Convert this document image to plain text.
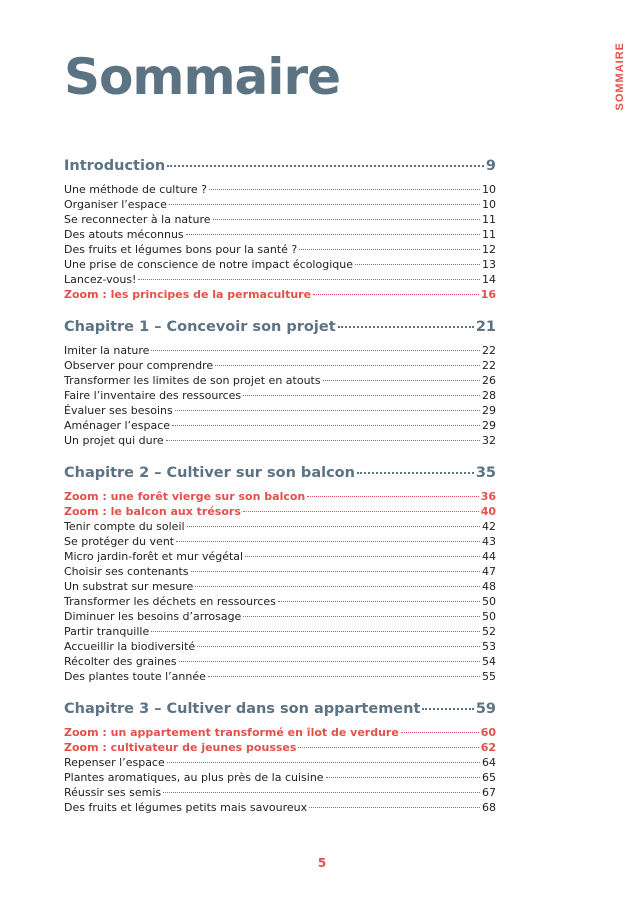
SOMMAIRE
Sommaire
Introduction	9
Une méthode de culture ?	10
Organiser l’espace	10
Se reconnecter à la nature	11
Des atouts méconnus	11
Des fruits et légumes bons pour la santé ?	12
Une prise de conscience de notre impact écologique	13
Lancez-vous!	14
Zoom : les principes de la permaculture	16
Chapitre 1 – Concevoir son projet	21
Imiter la nature	22
Observer pour comprendre	22
Transformer les limites de son projet en atouts	26
Faire l’inventaire des ressources	28
Évaluer ses besoins	29
Aménager l’espace	29
Un projet qui dure	32
Chapitre 2 – Cultiver sur son balcon	35
Zoom : une forêt vierge sur son balcon	36
Zoom : le balcon aux trésors	40
Tenir compte du soleil	42
Se protéger du vent	43
Micro jardin-forêt et mur végétal	44
Choisir ses contenants	47
Un substrat sur mesure	48
Transformer les déchets en ressources	50
Diminuer les besoins d’arrosage	50
Partir tranquille	52
Accueillir la biodiversité	53
Récolter des graines	54
Des plantes toute l’année	55
Chapitre 3 – Cultiver dans son appartement	59
Zoom : un appartement transformé en îlot de verdure	60
Zoom : cultivateur de jeunes pousses	62
Repenser l’espace	64
Plantes aromatiques, au plus près de la cuisine	65
Réussir ses semis	67
Des fruits et légumes petits mais savoureux	68
5
